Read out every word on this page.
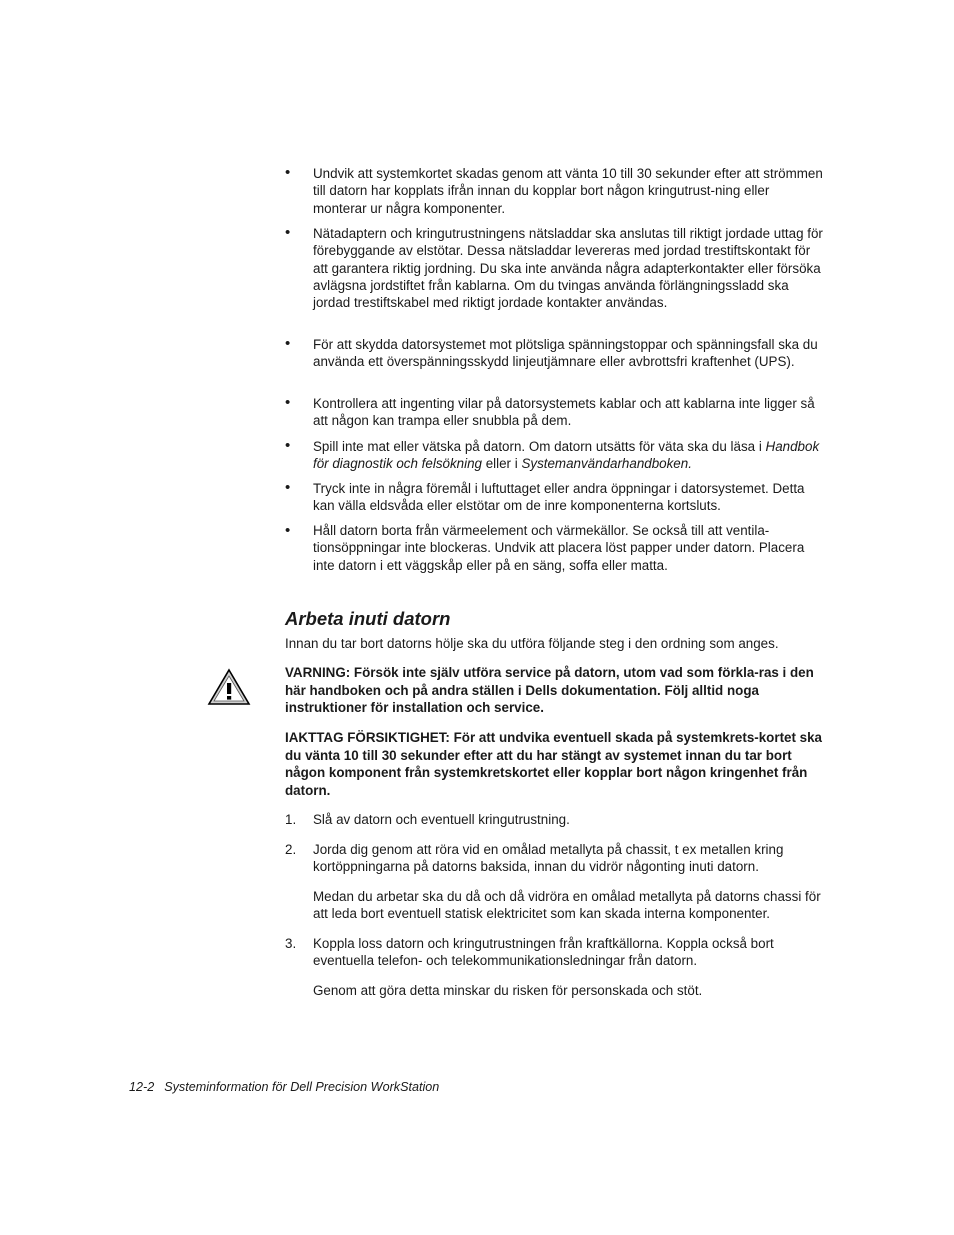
• Undvik att systemkortet skadas genom att vänta 10 till 30 sekunder efter att strömmen till datorn har kopplats ifrån innan du kopplar bort någon kringutrust-ning eller monterar ur några komponenter.
• Nätadaptern och kringutrustningens nätsladdar ska anslutas till riktigt jordade uttag för förebyggande av elstötar. Dessa nätsladdar levereras med jordad trestiftskontakt för att garantera riktig jordning. Du ska inte använda några adapterkontakter eller försöka avlägsna jordstiftet från kablarna. Om du tvingas använda förlängningssladd ska jordad trestiftskabel med riktigt jordade kontakter användas.
• För att skydda datorsystemet mot plötsliga spänningstoppar och spänningsfall ska du använda ett överspänningsskydd linjeutjämnare eller avbrottsfri kraftenhet (UPS).
• Kontrollera att ingenting vilar på datorsystemets kablar och att kablarna inte ligger så att någon kan trampa eller snubbla på dem.
• Spill inte mat eller vätska på datorn. Om datorn utsätts för väta ska du läsa i Handbok för diagnostik och felsökning eller i Systemanvändarhandboken.
• Tryck inte in några föremål i luftuttaget eller andra öppningar i datorsystemet. Detta kan välla eldsvåda eller elstötar om de inre komponenterna kortsluts.
• Håll datorn borta från värmeelement och värmekällor. Se också till att ventila-tionsöppningar inte blockeras. Undvik att placera löst papper under datorn. Placera inte datorn i ett väggskåp eller på en säng, soffa eller matta.
Arbeta inuti datorn
Innan du tar bort datorns hölje ska du utföra följande steg i den ordning som anges.
VARNING: Försök inte själv utföra service på datorn, utom vad som förkla-ras i den här handboken och på andra ställen i Dells dokumentation. Följ alltid noga instruktioner för installation och service.
IAKTTAG FÖRSIKTIGHET: För att undvika eventuell skada på systemkrets-kortet ska du vänta 10 till 30 sekunder efter att du har stängt av systemet innan du tar bort någon komponent från systemkretskortet eller kopplar bort någon kringenhet från datorn.
1. Slå av datorn och eventuell kringutrustning.
2. Jorda dig genom att röra vid en omålad metallyta på chassit, t ex metallen kring kortöppningarna på datorns baksida, innan du vidrör någonting inuti datorn.
Medan du arbetar ska du då och då vidröra en omålad metallyta på datorns chassi för att leda bort eventuell statisk elektricitet som kan skada interna komponenter.
3. Koppla loss datorn och kringutrustningen från kraftkällorna. Koppla också bort eventuella telefon- och telekommunikationsledningar från datorn.
Genom att göra detta minskar du risken för personskada och stöt.
12-2 Systeminformation för Dell Precision WorkStation
